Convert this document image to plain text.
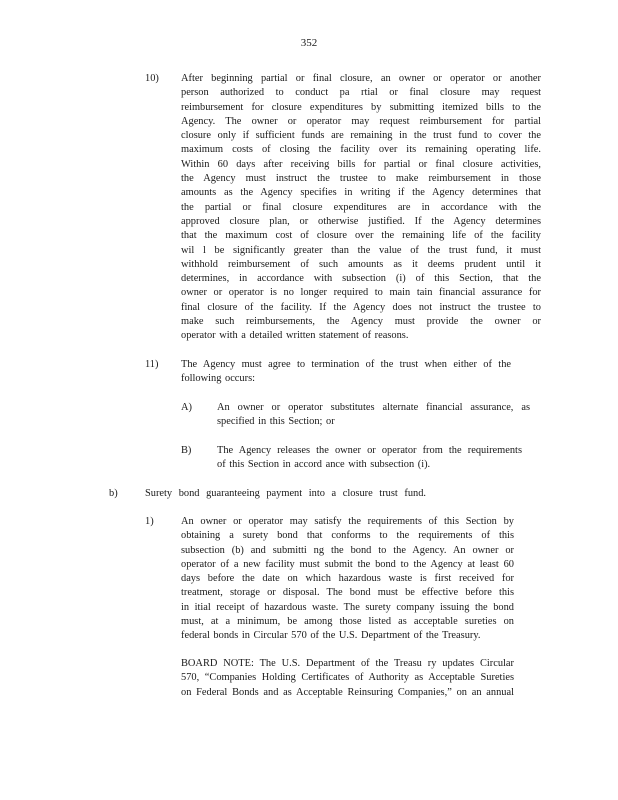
352
10) After beginning partial or final closure, an owner or operator or another
person authorized to conduct pa rtial or final closure may request
reimbursement for closure expenditures by submitting itemized bills to the
Agency. The owner or operator may request reimbursement for partial
closure only if sufficient funds are remaining in the trust fund to cover the
maximum costs of closing the facility over its remaining operating life.
Within 60 days after receiving bills for partial or final closure activities,
the Agency must instruct the trustee to make reimbursement in those
amounts as the Agency specifies in writing if the Agency determines that
the partial or final closure expenditures are in accordance with the
approved closure plan, or otherwise justified. If the Agency determines
that the maximum cost of closure over the remaining life of the facility
wil l be significantly greater than the value of the trust fund, it must
withhold reimbursement of such amounts as it deems prudent until it
determines, in accordance with subsection (i) of this Section, that the
owner or operator is no longer required to main tain financial assurance for
final closure of the facility. If the Agency does not instruct the trustee to
make such reimbursements, the Agency must provide the owner or
operator with a detailed written statement of reasons.
11) The Agency must agree to termination of the trust when either of the
following occurs:
A) An owner or operator substitutes alternate financial assurance, as
specified in this Section; or
B) The Agency releases the owner or operator from the requirements
of this Section in accord ance with subsection (i).
b)	Surety bond guaranteeing payment into a closure trust fund.
1)	An owner or operator may satisfy the requirements of this Section by
obtaining a surety bond that conforms to the requirements of this
subsection (b) and submitti ng the bond to the Agency. An owner or
operator of a new facility must submit the bond to the Agency at least 60
days before the date on which hazardous waste is first received for
treatment, storage or disposal. The bond must be effective before this
in itial receipt of hazardous waste. The surety company issuing the bond
must, at a minimum, be among those listed as acceptable sureties on
federal bonds in Circular 570 of the U.S. Department of the Treasury.
BOARD NOTE: The U.S. Department of the Treasu ry updates Circular
570, “Companies Holding Certificates of Authority as Acceptable Sureties
on Federal Bonds and as Acceptable Reinsuring Companies,” on an annual
